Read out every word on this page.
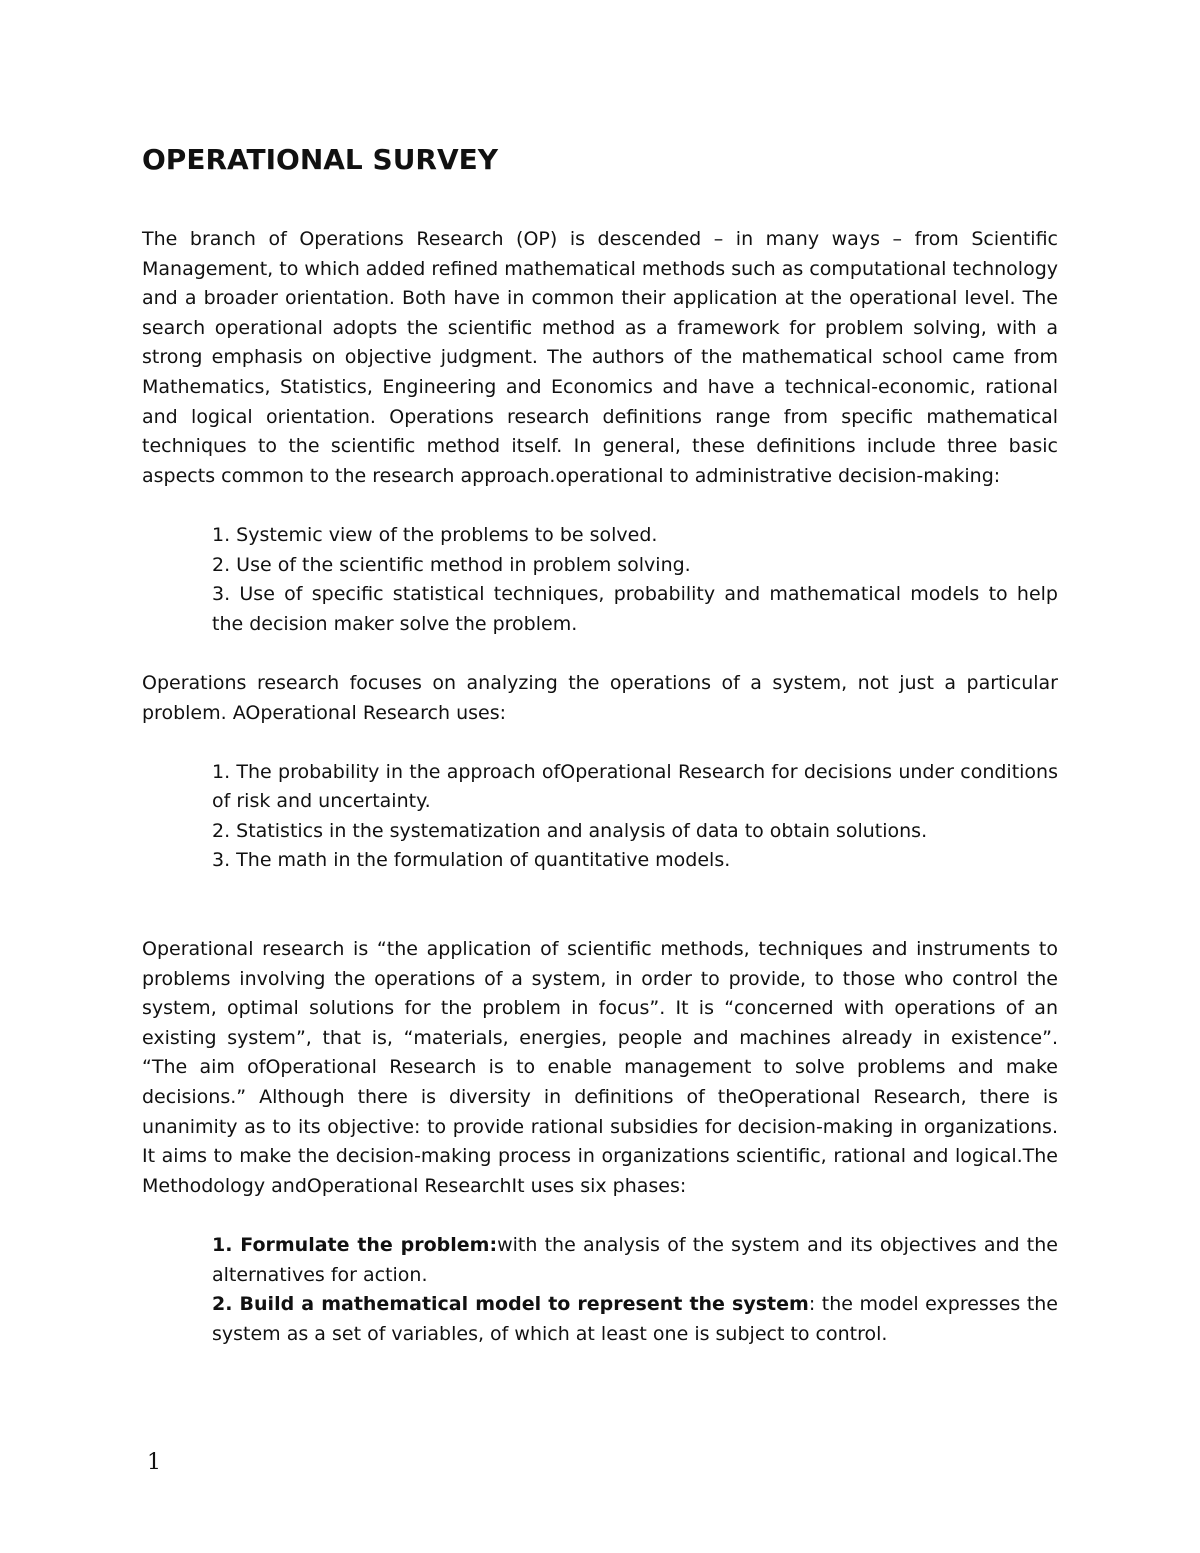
OPERATIONAL SURVEY

The branch of Operations Research (OP) is descended – in many ways – from Scientific Management, to which added refined mathematical methods such as computational technology and a broader orientation. Both have in common their application at the operational level. The search operational adopts the scientific method as a framework for problem solving, with a strong emphasis on objective judgment. The authors of the mathematical school came from Mathematics, Statistics, Engineering and Economics and have a technical-economic, rational and logical orientation. Operations research definitions range from specific mathematical techniques to the scientific method itself. In general, these definitions include three basic aspects common to the research approach.operational to administrative decision-making:

1. Systemic view of the problems to be solved.

2. Use of the scientific method in problem solving.

3. Use of specific statistical techniques, probability and mathematical models to help the decision maker solve the problem.

Operations research focuses on analyzing the operations of a system, not just a particular problem. AOperational Research uses:

1. The probability in the approach ofOperational Research for decisions under conditions of risk and uncertainty.

2. Statistics in the systematization and analysis of data to obtain solutions.

3. The math in the formulation of quantitative models.

Operational research is “the application of scientific methods, techniques and instruments to problems involving the operations of a system, in order to provide, to those who control the system, optimal solutions for the problem in focus”. It is “concerned with operations of an existing system”, that is, “materials, energies, people and machines already in existence”. “The aim ofOperational Research is to enable management to solve problems and make decisions.” Although there is diversity in definitions of theOperational Research, there is unanimity as to its objective: to provide rational subsidies for decision-making in organizations. It aims to make the decision-making process in organizations scientific, rational and logical.The Methodology andOperational ResearchIt uses six phases:

1. Formulate the problem:with the analysis of the system and its objectives and the alternatives for action.

2. Build a mathematical model to represent the system: the model expresses the system as a set of variables, of which at least one is subject to control.

1
